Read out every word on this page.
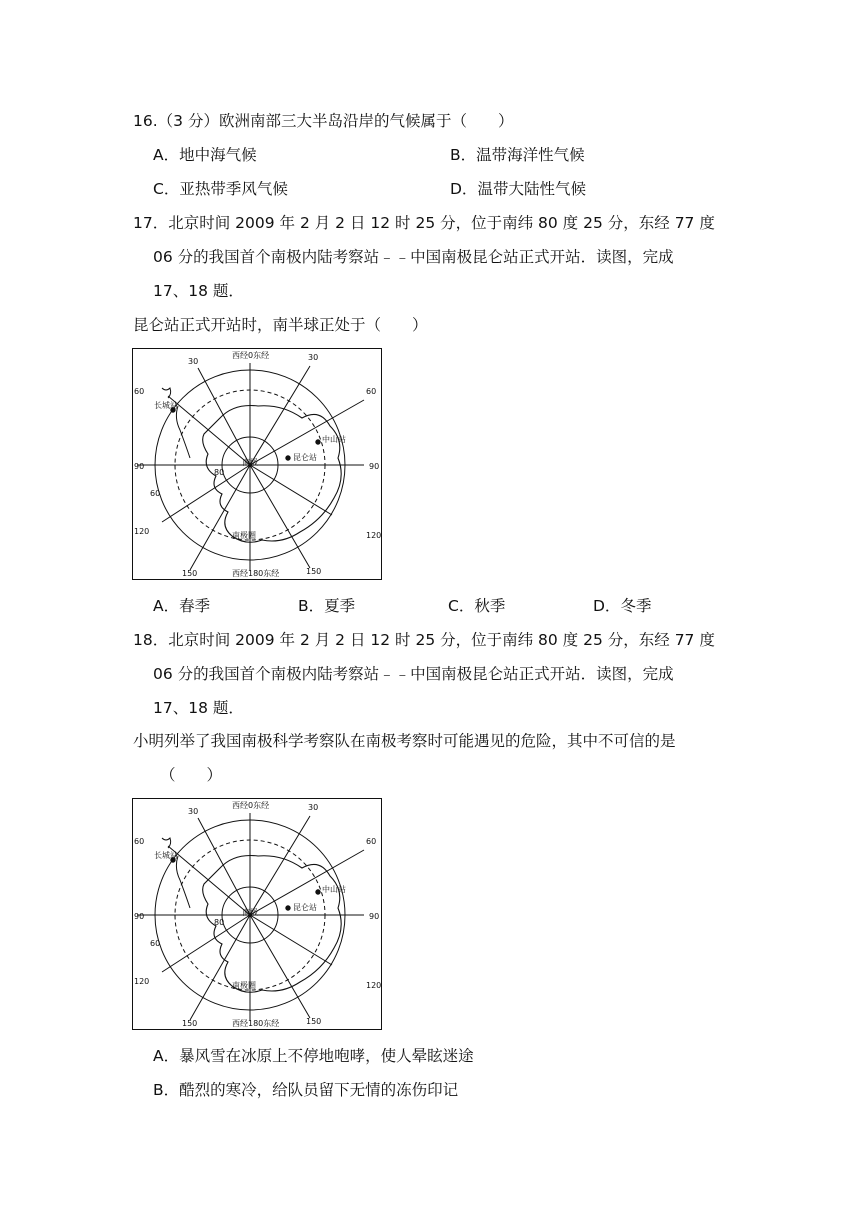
16.（3 分）欧洲南部三大半岛沿岸的气候属于（　　）
A．地中海气候	B．温带海洋性气候
C．亚热带季风气候	D．温带大陆性气候
17．北京时间 2009 年 2 月 2 日 12 时 25 分，位于南纬 80 度 25 分，东经 77 度
06 分的我国首个南极内陆考察站﹣﹣中国南极昆仑站正式开站．读图，完成
17、18 题．
昆仑站正式开站时，南半球正处于（　　）
西经0东经
西经180东经
南极
南极圈
昆仑站
中山站
长城站
30	30
60
60
90
90
60
120
120
150	150
80
A．春季	B．夏季	C．秋季	D．冬季
18．北京时间 2009 年 2 月 2 日 12 时 25 分，位于南纬 80 度 25 分，东经 77 度
06 分的我国首个南极内陆考察站﹣﹣中国南极昆仑站正式开站．读图，完成
17、18 题．
小明列举了我国南极科学考察队在南极考察时可能遇见的危险，其中不可信的是
（　　）
西经0东经
西经180东经
南极
南极圈
昆仑站
中山站
长城站
30	30
60
60
90
90
60
120
120
150	150
80
A．暴风雪在冰原上不停地咆哮，使人晕眩迷途
B．酷烈的寒冷，给队员留下无情的冻伤印记
